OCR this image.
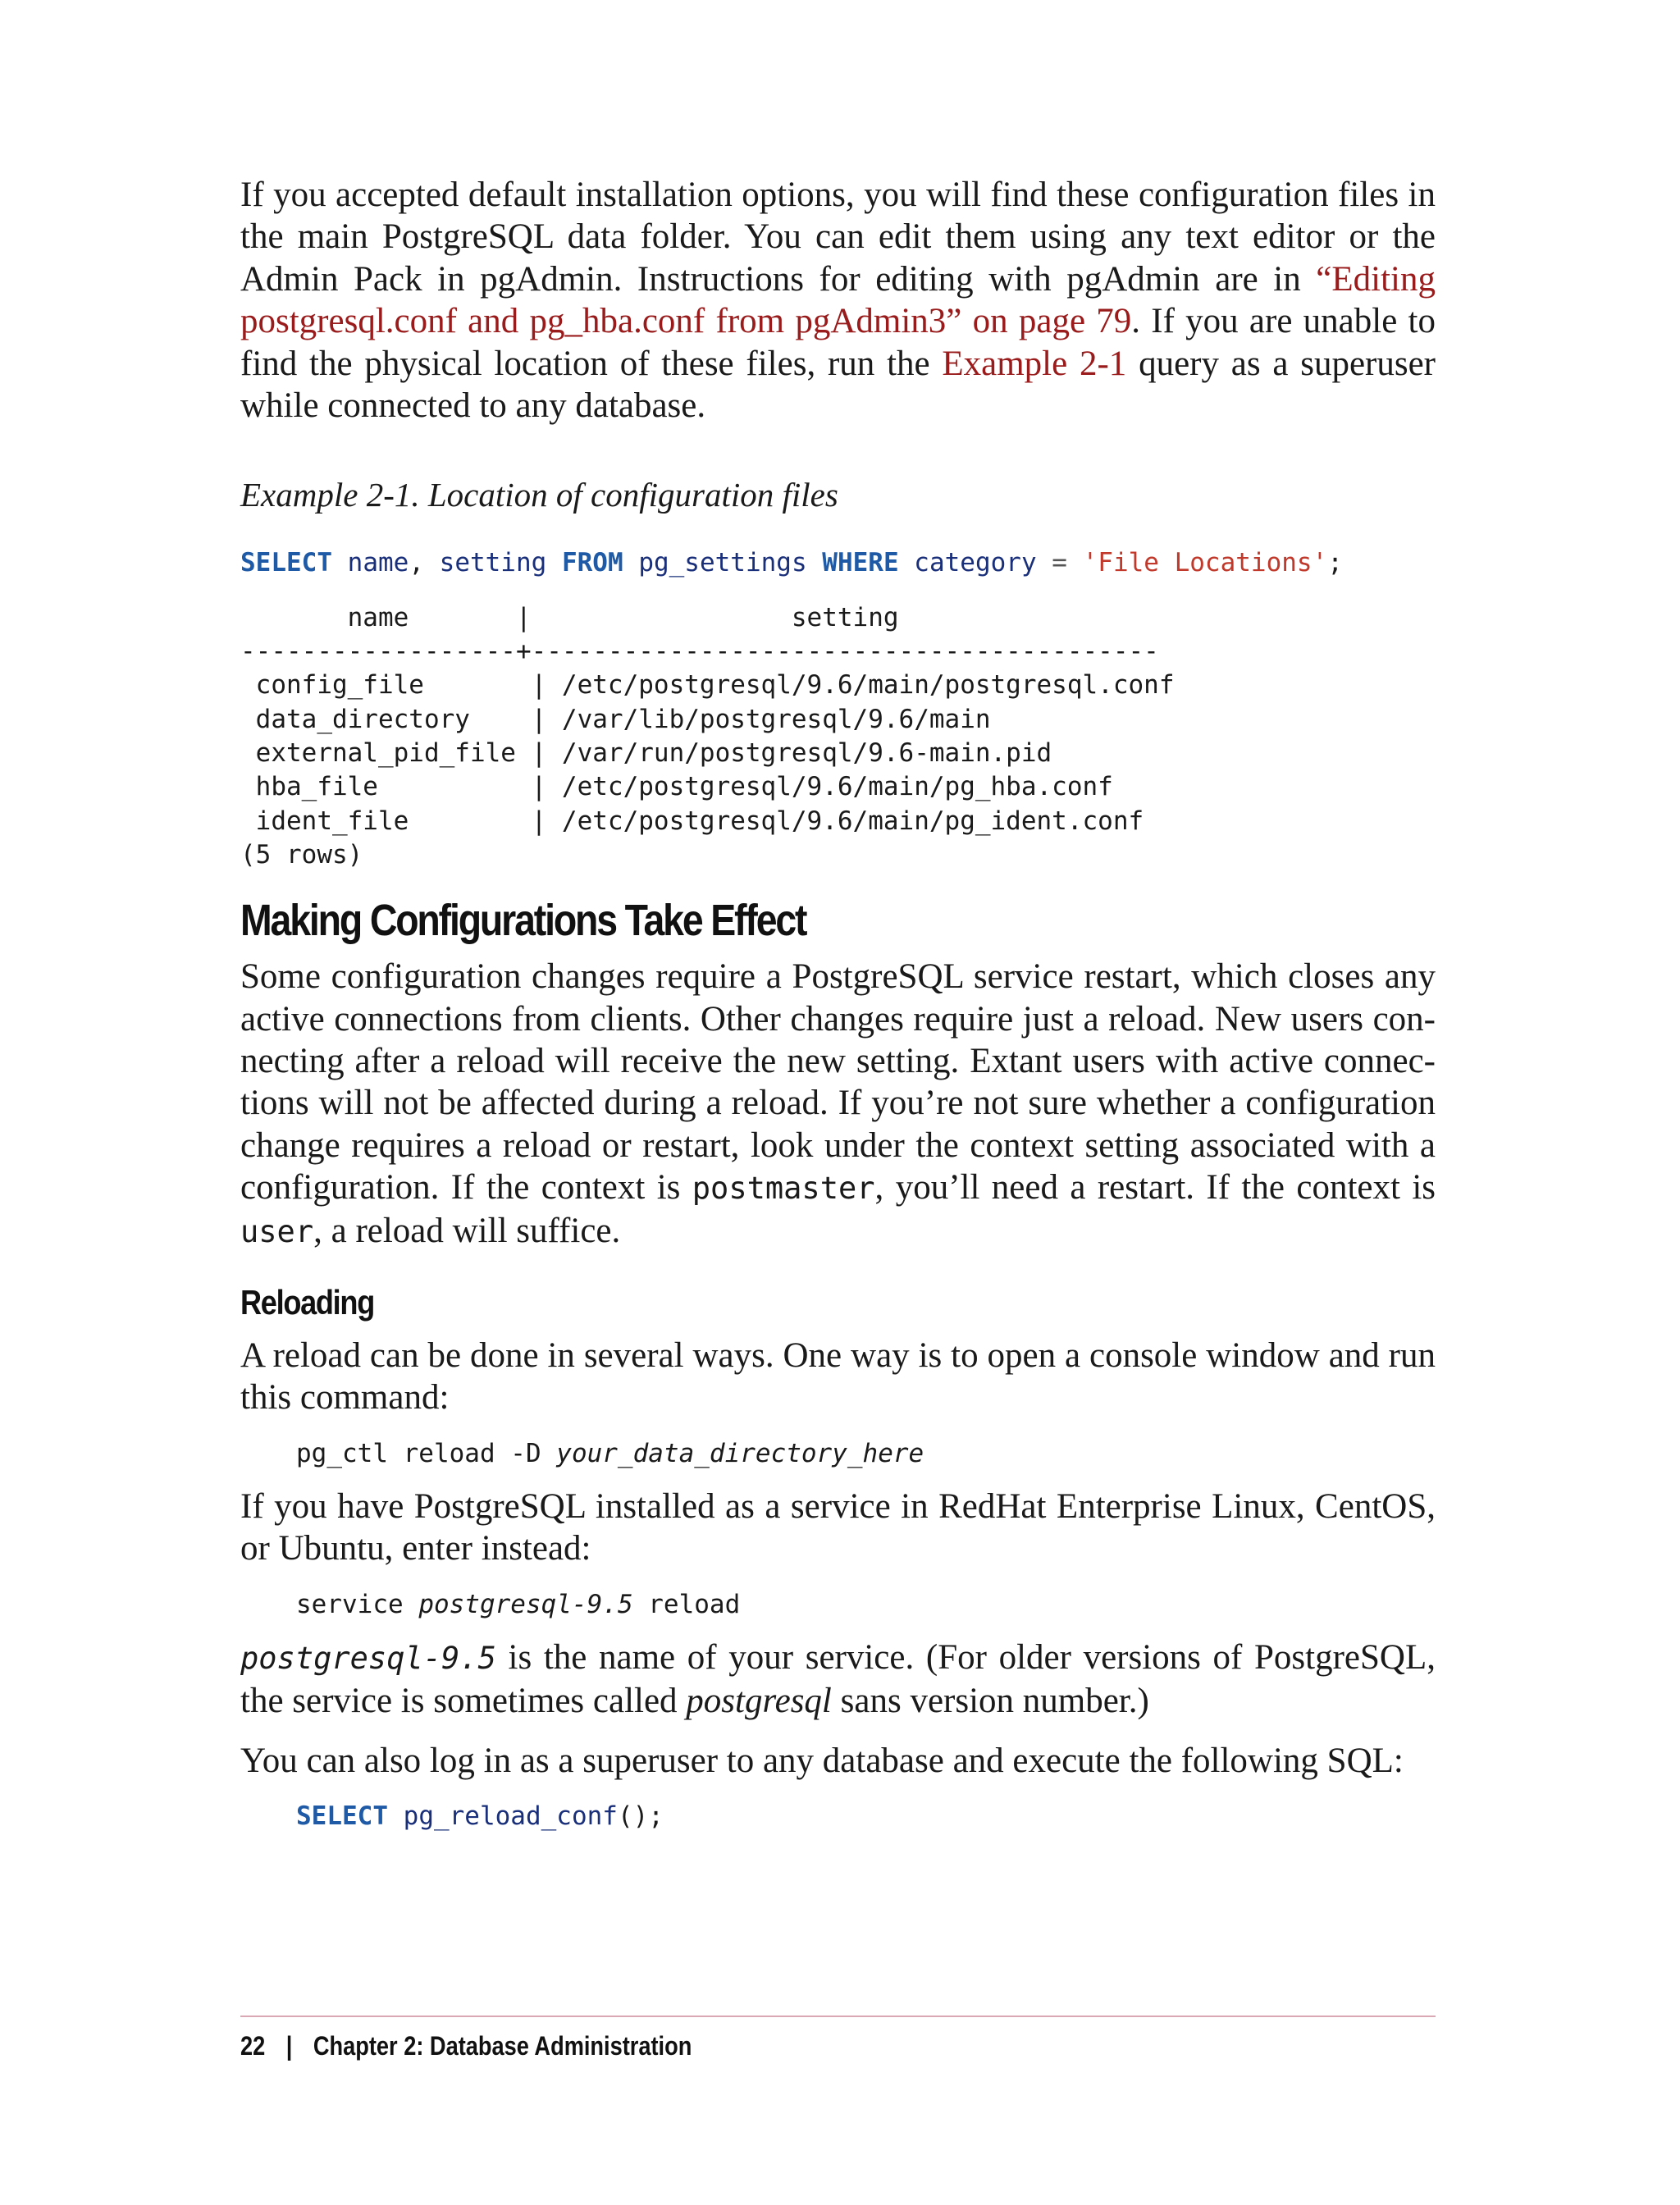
If you accepted default installation options, you will find these configuration files in the main PostgreSQL data folder. You can edit them using any text editor or the Admin Pack in pgAdmin. Instructions for editing with pgAdmin are in “Editing postgresql.conf and pg_hba.conf from pgAdmin3” on page 79. If you are unable to find the physical location of these files, run the Example 2-1 query as a superuser while connected to any database.

Example 2-1. Location of configuration files

SELECT name, setting FROM pg_settings WHERE category = 'File Locations';
name       |                 setting
------------------+-----------------------------------------
config_file       | /etc/postgresql/9.6/main/postgresql.conf
data_directory    | /var/lib/postgresql/9.6/main
external_pid_file | /var/run/postgresql/9.6-main.pid
hba_file          | /etc/postgresql/9.6/main/pg_hba.conf
ident_file        | /etc/postgresql/9.6/main/pg_ident.conf
(5 rows)
Making Configurations Take Effect

Some configuration changes require a PostgreSQL service restart, which closes any active connections from clients. Other changes require just a reload. New users connecting after a reload will receive the new setting. Extant users with active connections will not be affected during a reload. If you’re not sure whether a configuration change requires a reload or restart, look under the context setting associated with a configuration. If the context is postmaster, you’ll need a restart. If the context is user, a reload will suffice.

Reloading

A reload can be done in several ways. One way is to open a console window and run this command:

pg_ctl reload -D your_data_directory_here

If you have PostgreSQL installed as a service in RedHat Enterprise Linux, CentOS, or Ubuntu, enter instead:

service postgresql-9.5 reload

postgresql-9.5 is the name of your service. (For older versions of PostgreSQL, the service is sometimes called postgresql sans version number.)

You can also log in as a superuser to any database and execute the following SQL:

SELECT pg_reload_conf();
22 | Chapter 2: Database Administration
